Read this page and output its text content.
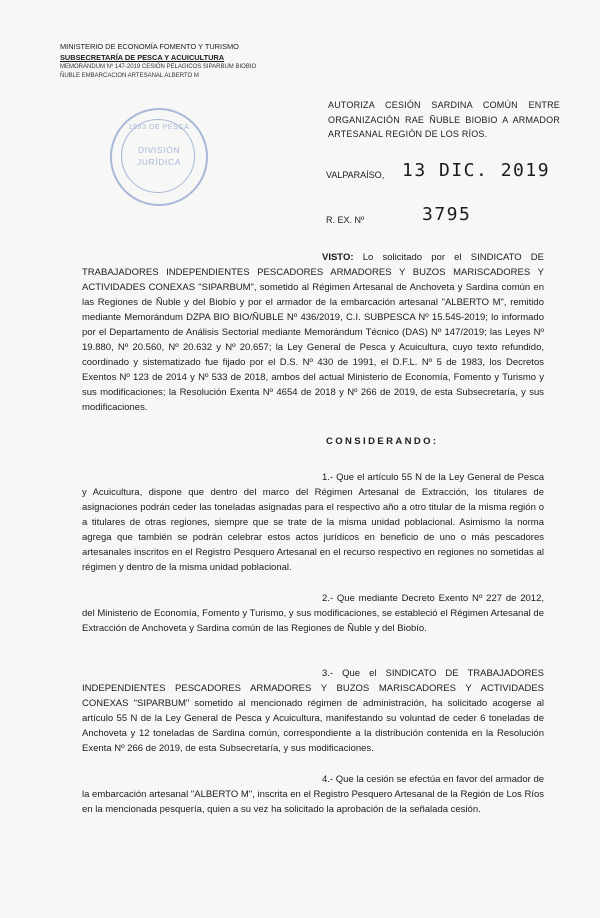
MINISTERIO DE ECONOMÍA FOMENTO Y TURISMO
SUBSECRETARÍA DE PESCA Y ACUICULTURA
MEMORÁNDUM Nº 147-2019 CESIÓN PELAGICOS SIPARBUM BIOBIO
ÑUBLE EMBARCACION ARTESANAL ALBERTO M
1983 DE PESCA
DIVISIÓN
JURÍDICA
AUTORIZA CESIÓN SARDINA COMÚN ENTRE ORGANIZACIÓN RAE ÑUBLE BIOBIO A ARMADOR ARTESANAL REGIÓN DE LOS RÍOS.
VALPARAÍSO, 13 DIC. 2019
R. EX. Nº	3795
VISTO: Lo solicitado por el SINDICATO DE TRABAJADORES INDEPENDIENTES PESCADORES ARMADORES Y BUZOS MARISCADORES Y ACTIVIDADES CONEXAS "SIPARBUM", sometido al Régimen Artesanal de Anchoveta y Sardina común en las Regiones de Ñuble y del Biobío y por el armador de la embarcación artesanal "ALBERTO M", remitido mediante Memorándum DZPA BIO BIO/ÑUBLE Nº 436/2019, C.I. SUBPESCA Nº 15.545-2019; lo informado por el Departamento de Análisis Sectorial mediante Memorándum Técnico (DAS) Nº 147/2019; las Leyes Nº 19.880, Nº 20.560, Nº 20.632 y Nº 20.657; la Ley General de Pesca y Acuicultura, cuyo texto refundido, coordinado y sistematizado fue fijado por el D.S. Nº 430 de 1991, el D.F.L. Nº 5 de 1983, los Decretos Exentos Nº 123 de 2014 y Nº 533 de 2018, ambos del actual Ministerio de Economía, Fomento y Turismo y sus modificaciones; la Resolución Exenta Nº 4654 de 2018 y Nº 266 de 2019, de esta Subsecretaría, y sus modificaciones.
CONSIDERANDO:
1.- Que el artículo 55 N de la Ley General de Pesca y Acuicultura, dispone que dentro del marco del Régimen Artesanal de Extracción, los titulares de asignaciones podrán ceder las toneladas asignadas para el respectivo año a otro titular de la misma región o a titulares de otras regiones, siempre que se trate de la misma unidad poblacional. Asimismo la norma agrega que también se podrán celebrar estos actos jurídicos en beneficio de uno o más pescadores artesanales inscritos en el Registro Pesquero Artesanal en el recurso respectivo en regiones no sometidas al régimen y dentro de la misma unidad poblacional.
2.- Que mediante Decreto Exento Nº 227 de 2012, del Ministerio de Economía, Fomento y Turismo, y sus modificaciones, se estableció el Régimen Artesanal de Extracción de Anchoveta y Sardina común de las Regiones de Ñuble y del Biobío.
3.- Que el SINDICATO DE TRABAJADORES INDEPENDIENTES PESCADORES ARMADORES Y BUZOS MARISCADORES Y ACTIVIDADES CONEXAS "SIPARBUM" sometido al mencionado régimen de administración, ha solicitado acogerse al artículo 55 N de la Ley General de Pesca y Acuicultura, manifestando su voluntad de ceder 6 toneladas de Anchoveta y 12 toneladas de Sardina común, correspondiente a la distribución contenida en la Resolución Exenta Nº 266 de 2019, de esta Subsecretaría, y sus modificaciones.
4.- Que la cesión se efectúa en favor del armador de la embarcación artesanal "ALBERTO M", inscrita en el Registro Pesquero Artesanal de la Región de Los Ríos en la mencionada pesquería, quien a su vez ha solicitado la aprobación de la señalada cesión.
